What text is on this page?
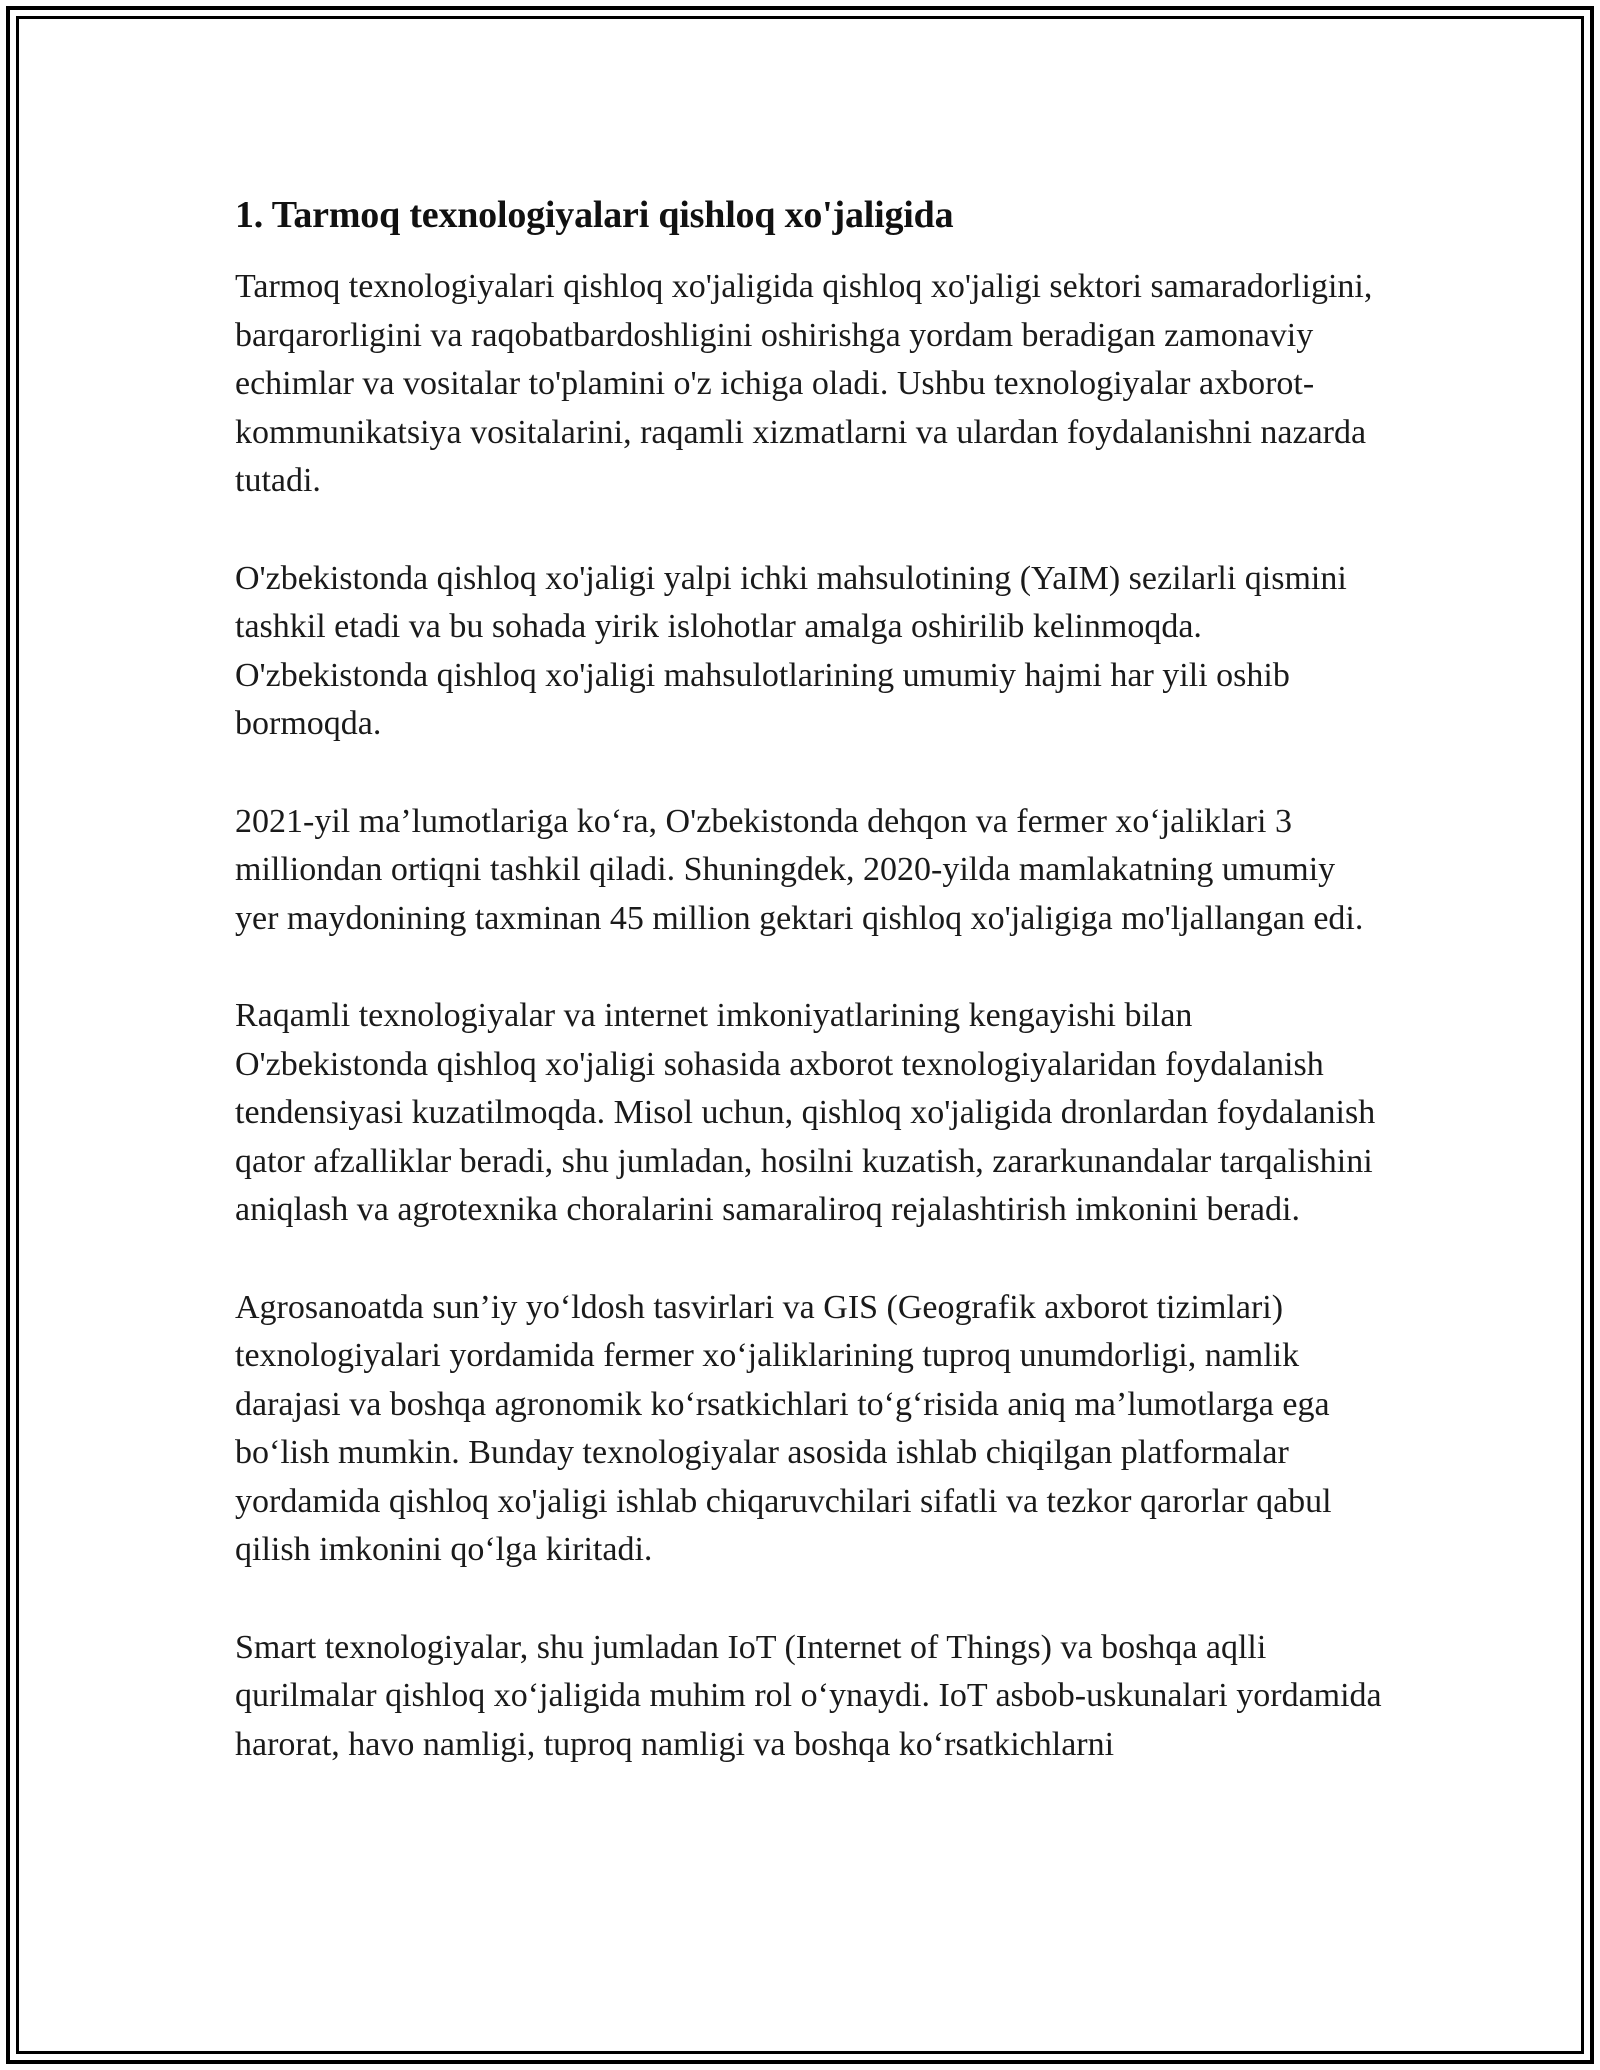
1. Tarmoq texnologiyalari qishloq xo'jaligida

Tarmoq texnologiyalari qishloq xo'jaligida qishloq xo'jaligi sektori samaradorligini, barqarorligini va raqobatbardoshligini oshirishga yordam beradigan zamonaviy echimlar va vositalar to'plamini o'z ichiga oladi. Ushbu texnologiyalar axborot-kommunikatsiya vositalarini, raqamli xizmatlarni va ulardan foydalanishni nazarda tutadi.

O'zbekistonda qishloq xo'jaligi yalpi ichki mahsulotining (YaIM) sezilarli qismini tashkil etadi va bu sohada yirik islohotlar amalga oshirilib kelinmoqda. O'zbekistonda qishloq xo'jaligi mahsulotlarining umumiy hajmi har yili oshib bormoqda.

2021-yil ma’lumotlariga ko‘ra, O'zbekistonda dehqon va fermer xo‘jaliklari 3 milliondan ortiqni tashkil qiladi. Shuningdek, 2020-yilda mamlakatning umumiy yer maydonining taxminan 45 million gektari qishloq xo'jaligiga mo'ljallangan edi.

Raqamli texnologiyalar va internet imkoniyatlarining kengayishi bilan O'zbekistonda qishloq xo'jaligi sohasida axborot texnologiyalaridan foydalanish tendensiyasi kuzatilmoqda. Misol uchun, qishloq xo'jaligida dronlardan foydalanish qator afzalliklar beradi, shu jumladan, hosilni kuzatish, zararkunandalar tarqalishini aniqlash va agrotexnika choralarini samaraliroq rejalashtirish imkonini beradi.

Agrosanoatda sun’iy yo‘ldosh tasvirlari va GIS (Geografik axborot tizimlari) texnologiyalari yordamida fermer xo‘jaliklarining tuproq unumdorligi, namlik darajasi va boshqa agronomik ko‘rsatkichlari to‘g‘risida aniq ma’lumotlarga ega bo‘lish mumkin. Bunday texnologiyalar asosida ishlab chiqilgan platformalar yordamida qishloq xo'jaligi ishlab chiqaruvchilari sifatli va tezkor qarorlar qabul qilish imkonini qo‘lga kiritadi.

Smart texnologiyalar, shu jumladan IoT (Internet of Things) va boshqa aqlli qurilmalar qishloq xo‘jaligida muhim rol o‘ynaydi. IoT asbob-uskunalari yordamida harorat, havo namligi, tuproq namligi va boshqa ko‘rsatkichlarni
